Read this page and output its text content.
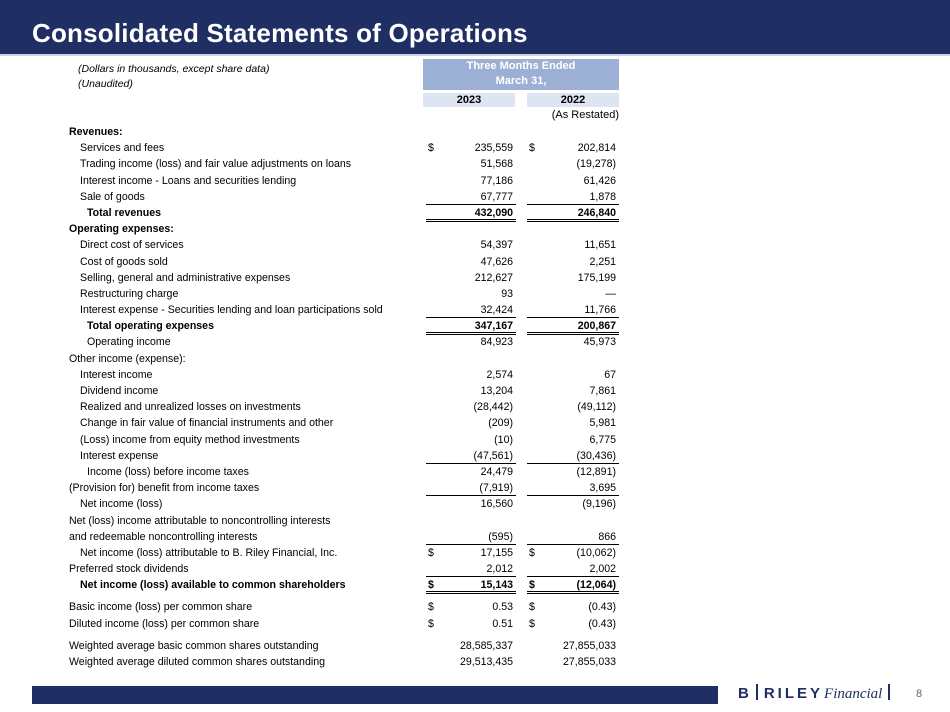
Consolidated Statements of Operations
(Dollars in thousands, except share data)
(Unaudited)
Three Months Ended
March 31,
2023	2022
(As Restated)
Revenues:
Services and fees	$	235,559 $	202,814
Trading income (loss) and fair value adjustments on loans	51,568	(19,278)
Interest income - Loans and securities lending	77,186	61,426
Sale of goods	67,777	1,878
Total revenues	432,090	246,840
Operating expenses:
Direct cost of services	54,397	11,651
Cost of goods sold	47,626	2,251
Selling, general and administrative expenses	212,627	175,199
Restructuring charge	93	—
Interest expense - Securities lending and loan participations sold	32,424	11,766
Total operating expenses	347,167	200,867
Operating income	84,923	45,973
Other income (expense):
Interest income	2,574	67
Dividend income	13,204	7,861
Realized and unrealized losses on investments	(28,442)	(49,112)
Change in fair value of financial instruments and other	(209)	5,981
(Loss) income from equity method investments	(10)	6,775
Interest expense	(47,561)	(30,436)
Income (loss) before income taxes	24,479	(12,891)
(Provision for) benefit from income taxes	(7,919)	3,695
Net income (loss)	16,560	(9,196)
Net (loss) income attributable to noncontrolling interests
and redeemable noncontrolling interests	(595)	866
Net income (loss) attributable to B. Riley Financial, Inc.	$	17,155 $	(10,062)
Preferred stock dividends	2,012	2,002
Net income (loss) available to common shareholders	$	15,143 $	(12,064)
Basic income (loss) per common share	$	0.53 $	(0.43)
Diluted income (loss) per common share	$	0.51 $	(0.43)
Weighted average basic common shares outstanding	28,585,337	27,855,033
Weighted average diluted common shares outstanding	29,513,435	27,855,033
B RILEYFinancial	8
